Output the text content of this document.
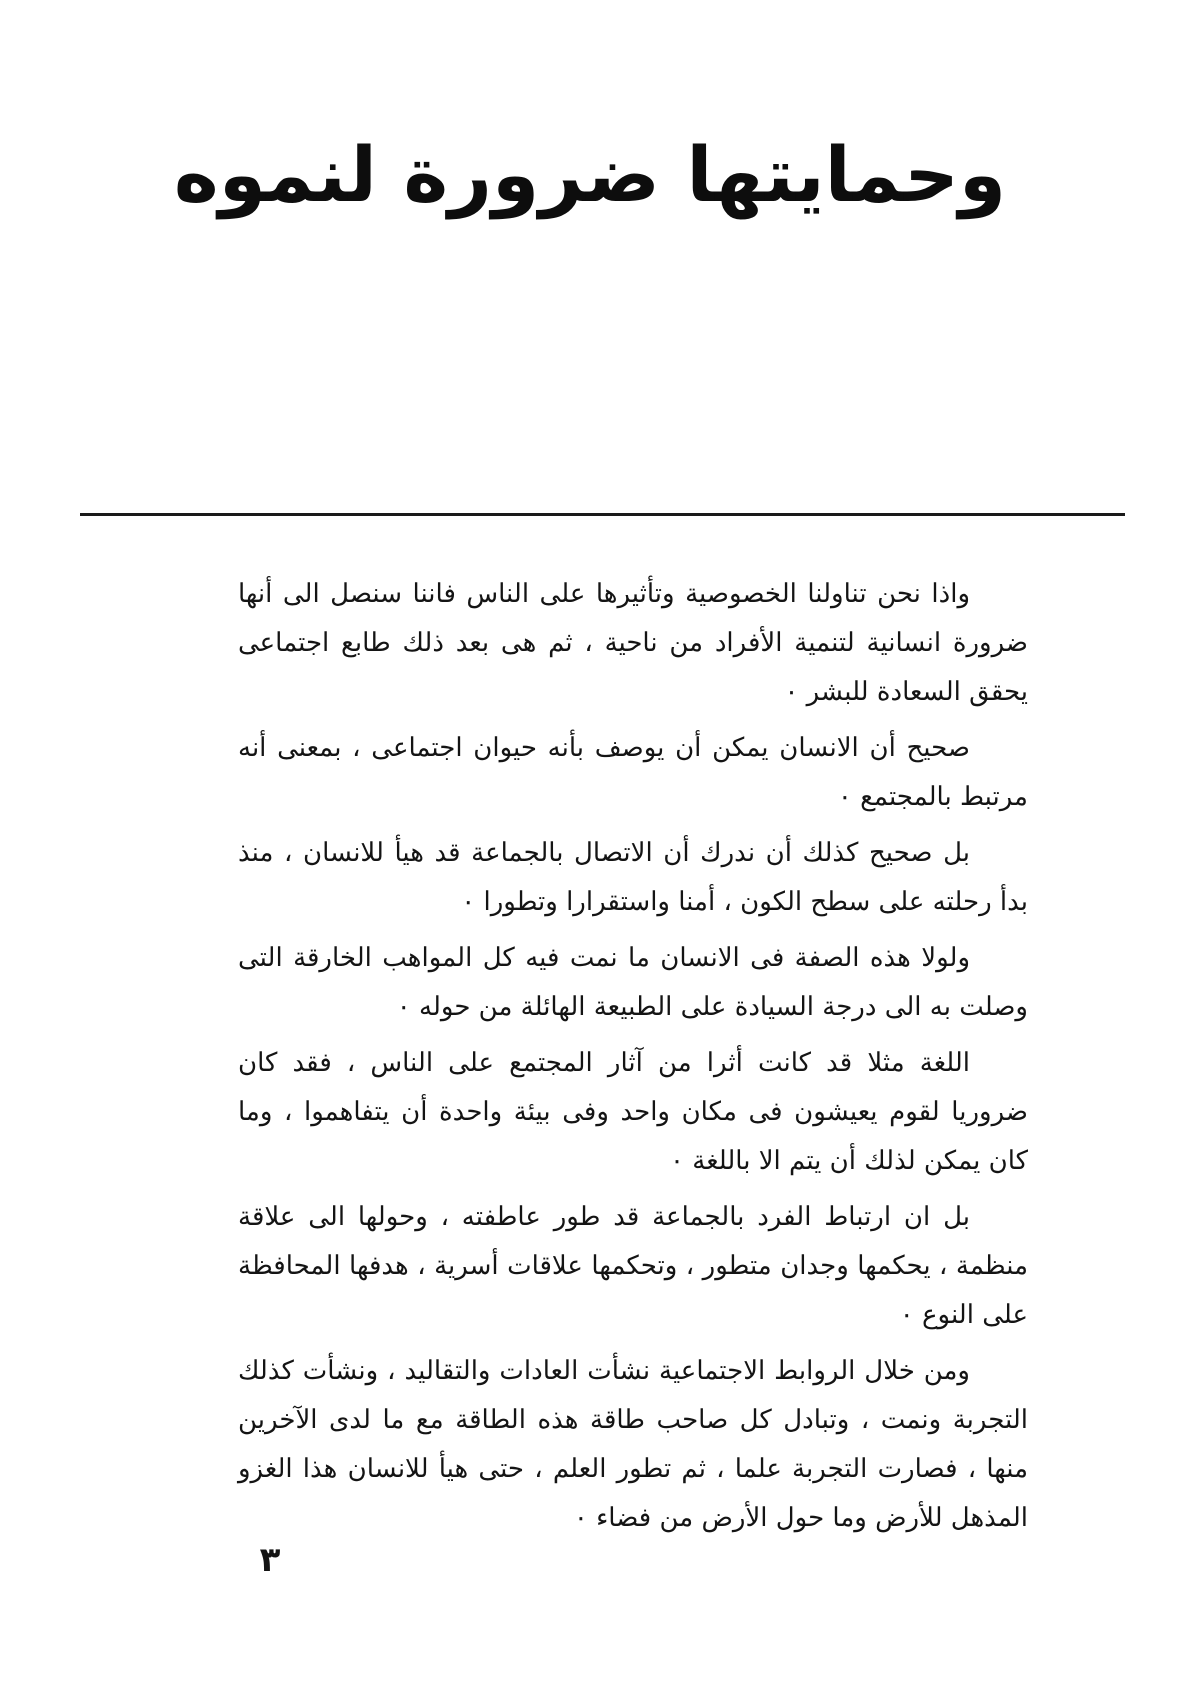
وحمايتها ضرورة لنموه

واذا نحن تناولنا الخصوصية وتأثيرها على الناس فاننا سنصل الى أنها ضرورة انسانية لتنمية الأفراد من ناحية ، ثم هى بعد ذلك طابع اجتماعى يحقق السعادة للبشر ٠

صحيح أن الانسان يمكن أن يوصف بأنه حيوان اجتماعى ، بمعنى أنه مرتبط بالمجتمع ٠

بل صحيح كذلك أن ندرك أن الاتصال بالجماعة قد هيأ للانسان ، منذ بدأ رحلته على سطح الكون ، أمنا واستقرارا وتطورا ٠

ولولا هذه الصفة فى الانسان ما نمت فيه كل المواهب الخارقة التى وصلت به الى درجة السيادة على الطبيعة الهائلة من حوله ٠

اللغة مثلا قد كانت أثرا من آثار المجتمع على الناس ، فقد كان ضروريا لقوم يعيشون فى مكان واحد وفى بيئة واحدة أن يتفاهموا ، وما كان يمكن لذلك أن يتم الا باللغة ٠

بل ان ارتباط الفرد بالجماعة قد طور عاطفته ، وحولها الى علاقة منظمة ، يحكمها وجدان متطور ، وتحكمها علاقات أسرية ، هدفها المحافظة على النوع ٠

ومن خلال الروابط الاجتماعية نشأت العادات والتقاليد ، ونشأت كذلك التجربة ونمت ، وتبادل كل صاحب طاقة هذه الطاقة مع ما لدى الآخرين منها ، فصارت التجربة علما ، ثم تطور العلم ، حتى هيأ للانسان هذا الغزو المذهل للأرض وما حول الأرض من فضاء ٠

٣
